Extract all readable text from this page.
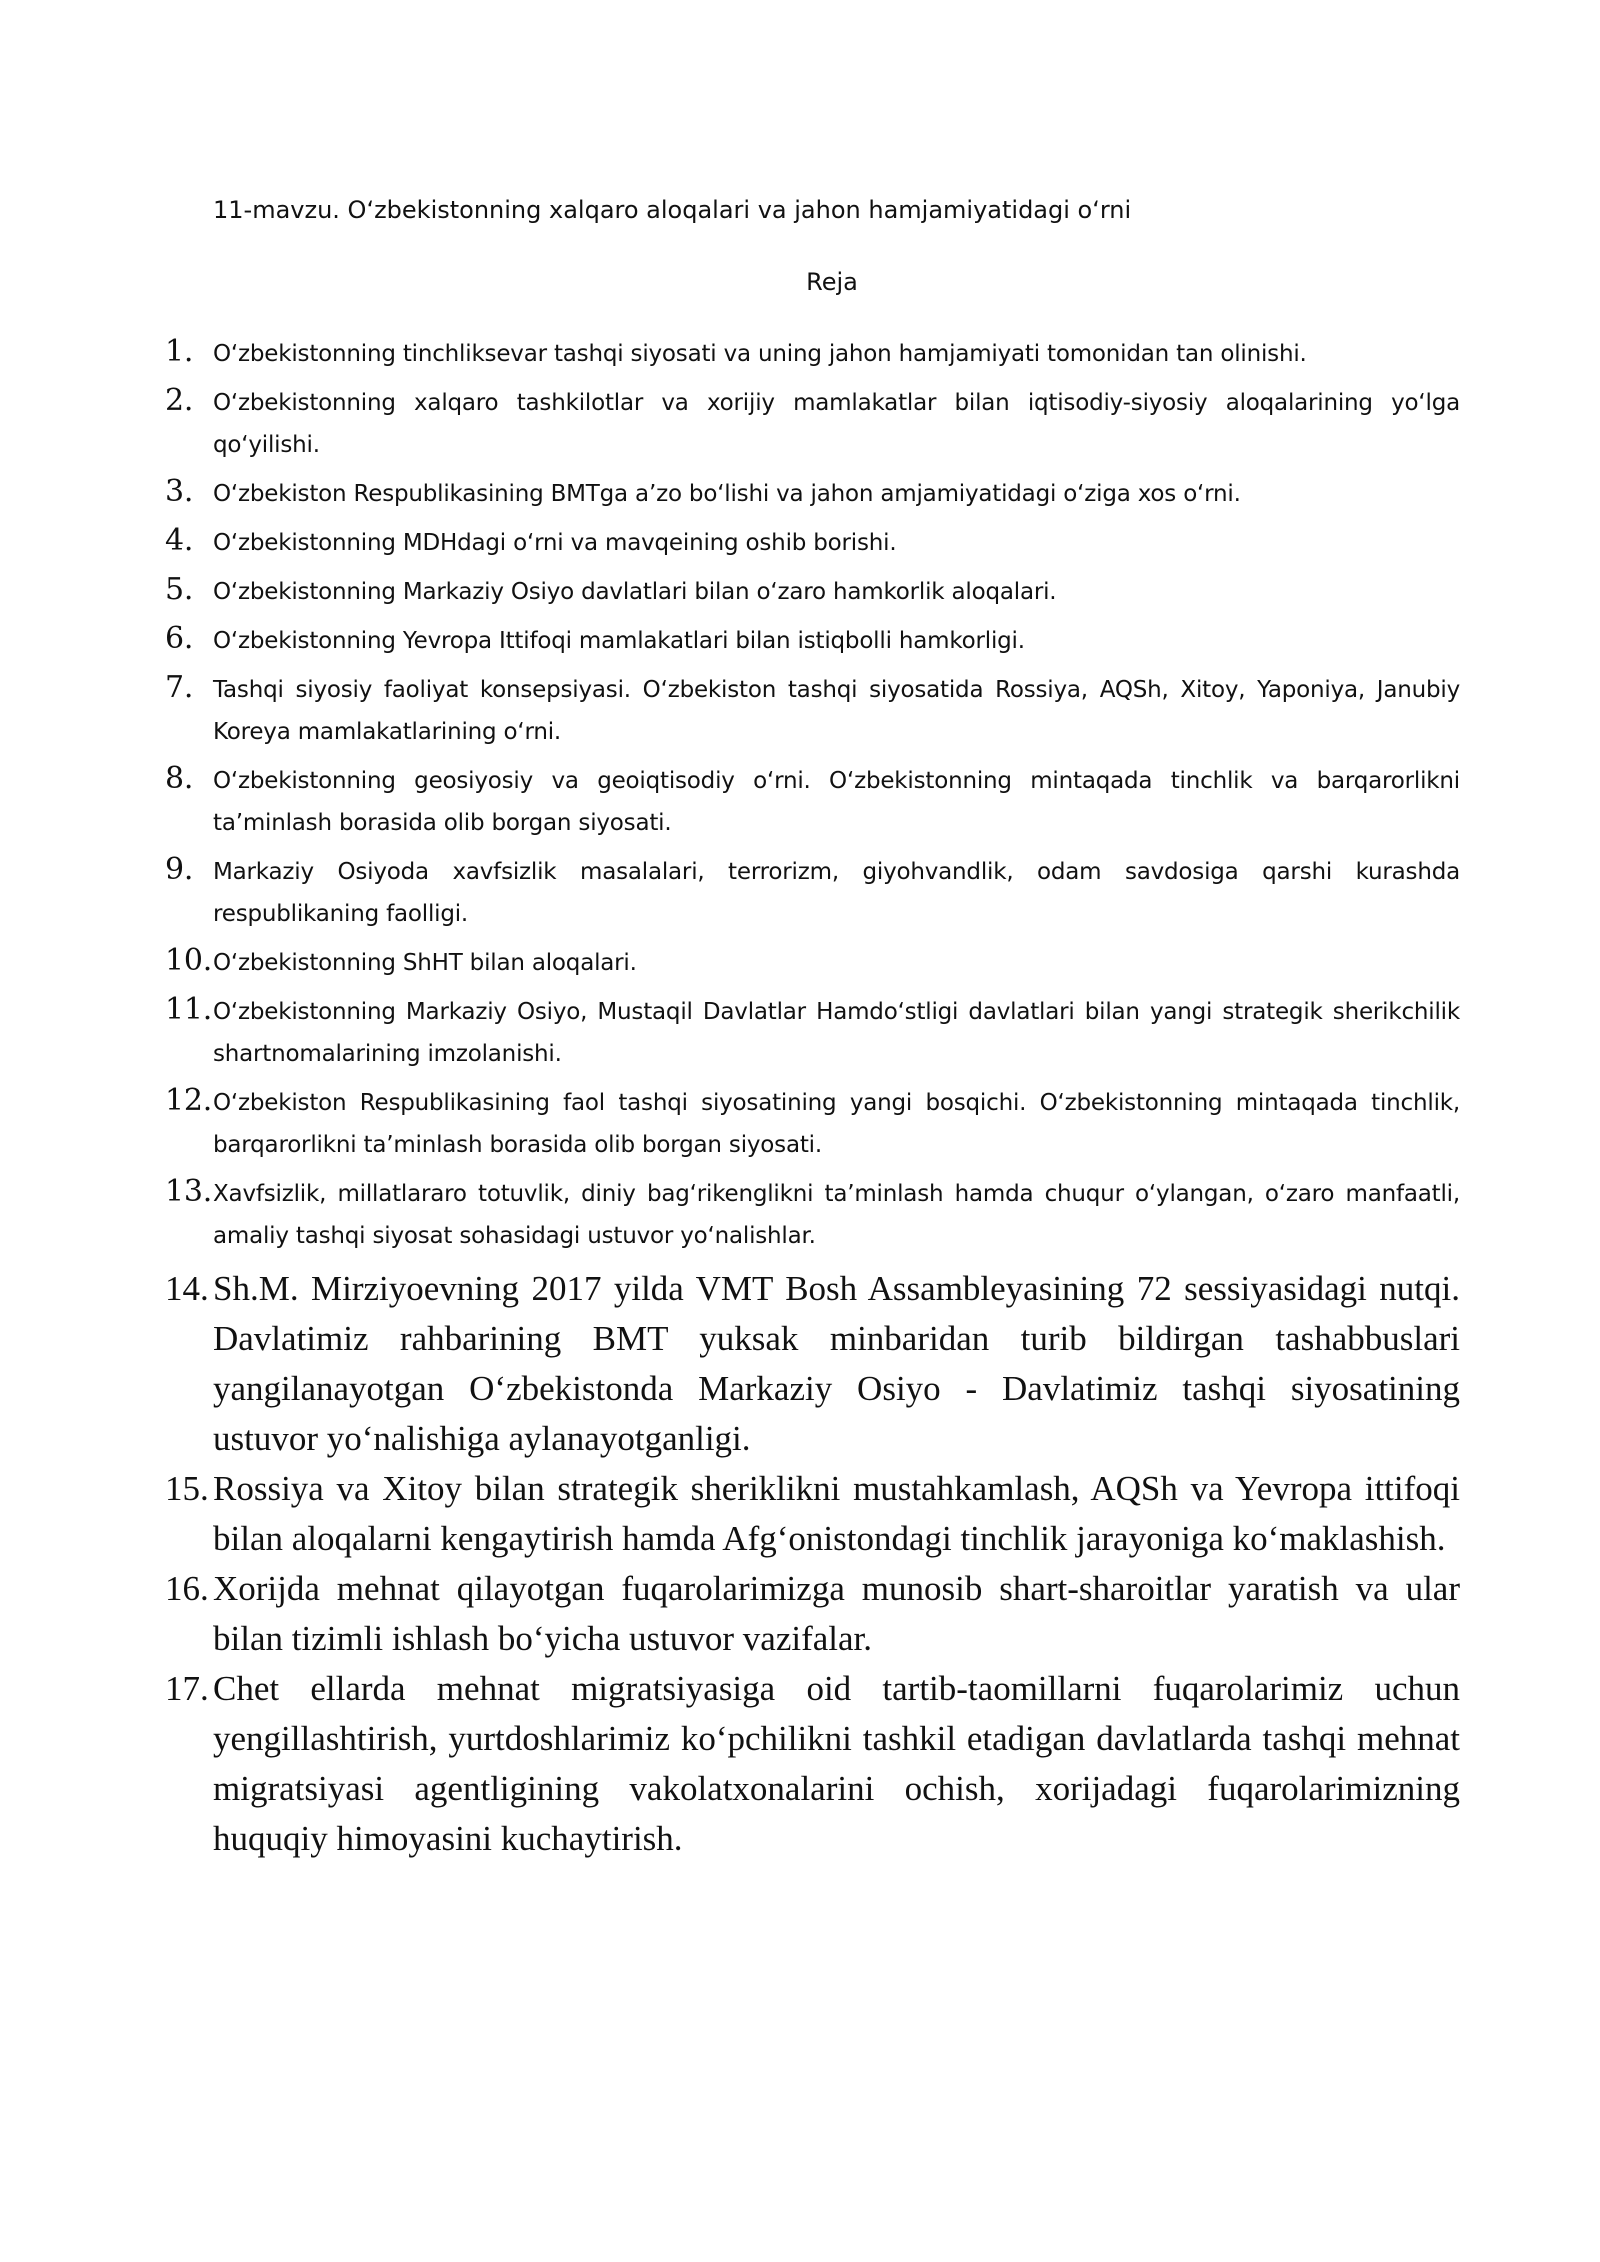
11-mavzu. O‘zbekistonning xalqaro aloqalari va jahon hamjamiyatidagi o‘rni
Reja
1. O‘zbekistonning tinchliksevar tashqi siyosati va uning jahon hamjamiyati tomonidan tan olinishi.
2. O‘zbekistonning xalqaro tashkilotlar va xorijiy mamlakatlar bilan iqtisodiy-siyosiy aloqalarining yo‘lga qo‘yilishi.
3. O‘zbekiston Respublikasining BMTga a’zo bo‘lishi va jahon amjamiyatidagi o‘ziga xos o‘rni.
4. O‘zbekistonning MDHdagi o‘rni va mavqeining oshib borishi.
5. O‘zbekistonning Markaziy Osiyo davlatlari bilan o‘zaro hamkorlik aloqalari.
6. O‘zbekistonning Yevropa Ittifoqi mamlakatlari bilan istiqbolli hamkorligi.
7. Tashqi siyosiy faoliyat konsepsiyasi. O‘zbekiston tashqi siyosatida Rossiya, AQSh, Xitoy, Yaponiya, Janubiy Koreya mamlakatlarining o‘rni.
8. O‘zbekistonning geosiyosiy va geoiqtisodiy o‘rni. O‘zbekistonning mintaqada tinchlik va barqarorlikni ta’minlash borasida olib borgan siyosati.
9. Markaziy Osiyoda xavfsizlik masalalari, terrorizm, giyohvandlik, odam savdosiga qarshi kurashda respublikaning faolligi.
10. O‘zbekistonning ShHT bilan aloqalari.
11. O‘zbekistonning Markaziy Osiyo, Mustaqil Davlatlar Hamdo‘stligi davlatlari bilan yangi strategik sherikchilik shartnomalarining imzolanishi.
12. O‘zbekiston Respublikasining faol tashqi siyosatining yangi bosqichi. O‘zbekistonning mintaqada tinchlik, barqarorlikni ta’minlash borasida olib borgan siyosati.
13. Xavfsizlik, millatlararo totuvlik, diniy bag‘rikenglikni ta’minlash hamda chuqur o‘ylangan, o‘zaro manfaatli, amaliy tashqi siyosat sohasidagi ustuvor yo‘nalishlar.
14. Sh.M. Mirziyoevning 2017 yilda VMT Bosh Assambleyasining 72 sessiyasidagi nutqi. Davlatimiz rahbarining BMT yuksak minbaridan turib bildirgan tashabbuslari yangilanayotgan O‘zbekistonda Markaziy Osiyo - Davlatimiz tashqi siyosatining ustuvor yo‘nalishiga aylanayotganligi.
15. Rossiya va Xitoy bilan strategik sheriklikni mustahkamlash, AQSh va Yevropa ittifoqi bilan aloqalarni kengaytirish hamda Afg‘onistondagi tinchlik jarayoniga ko‘maklashish.
16. Xorijda mehnat qilayotgan fuqarolarimizga munosib shart-sharoitlar yaratish va ular bilan tizimli ishlash bo‘yicha ustuvor vazifalar.
17. Chet ellarda mehnat migratsiyasiga oid tartib-taomillarni fuqarolarimiz uchun yengillashtirish, yurtdoshlarimiz ko‘pchilikni tashkil etadigan davlatlarda tashqi mehnat migratsiyasi agentligining vakolatxonalarini ochish, xorijadagi fuqarolarimizning huquqiy himoyasini kuchaytirish.
